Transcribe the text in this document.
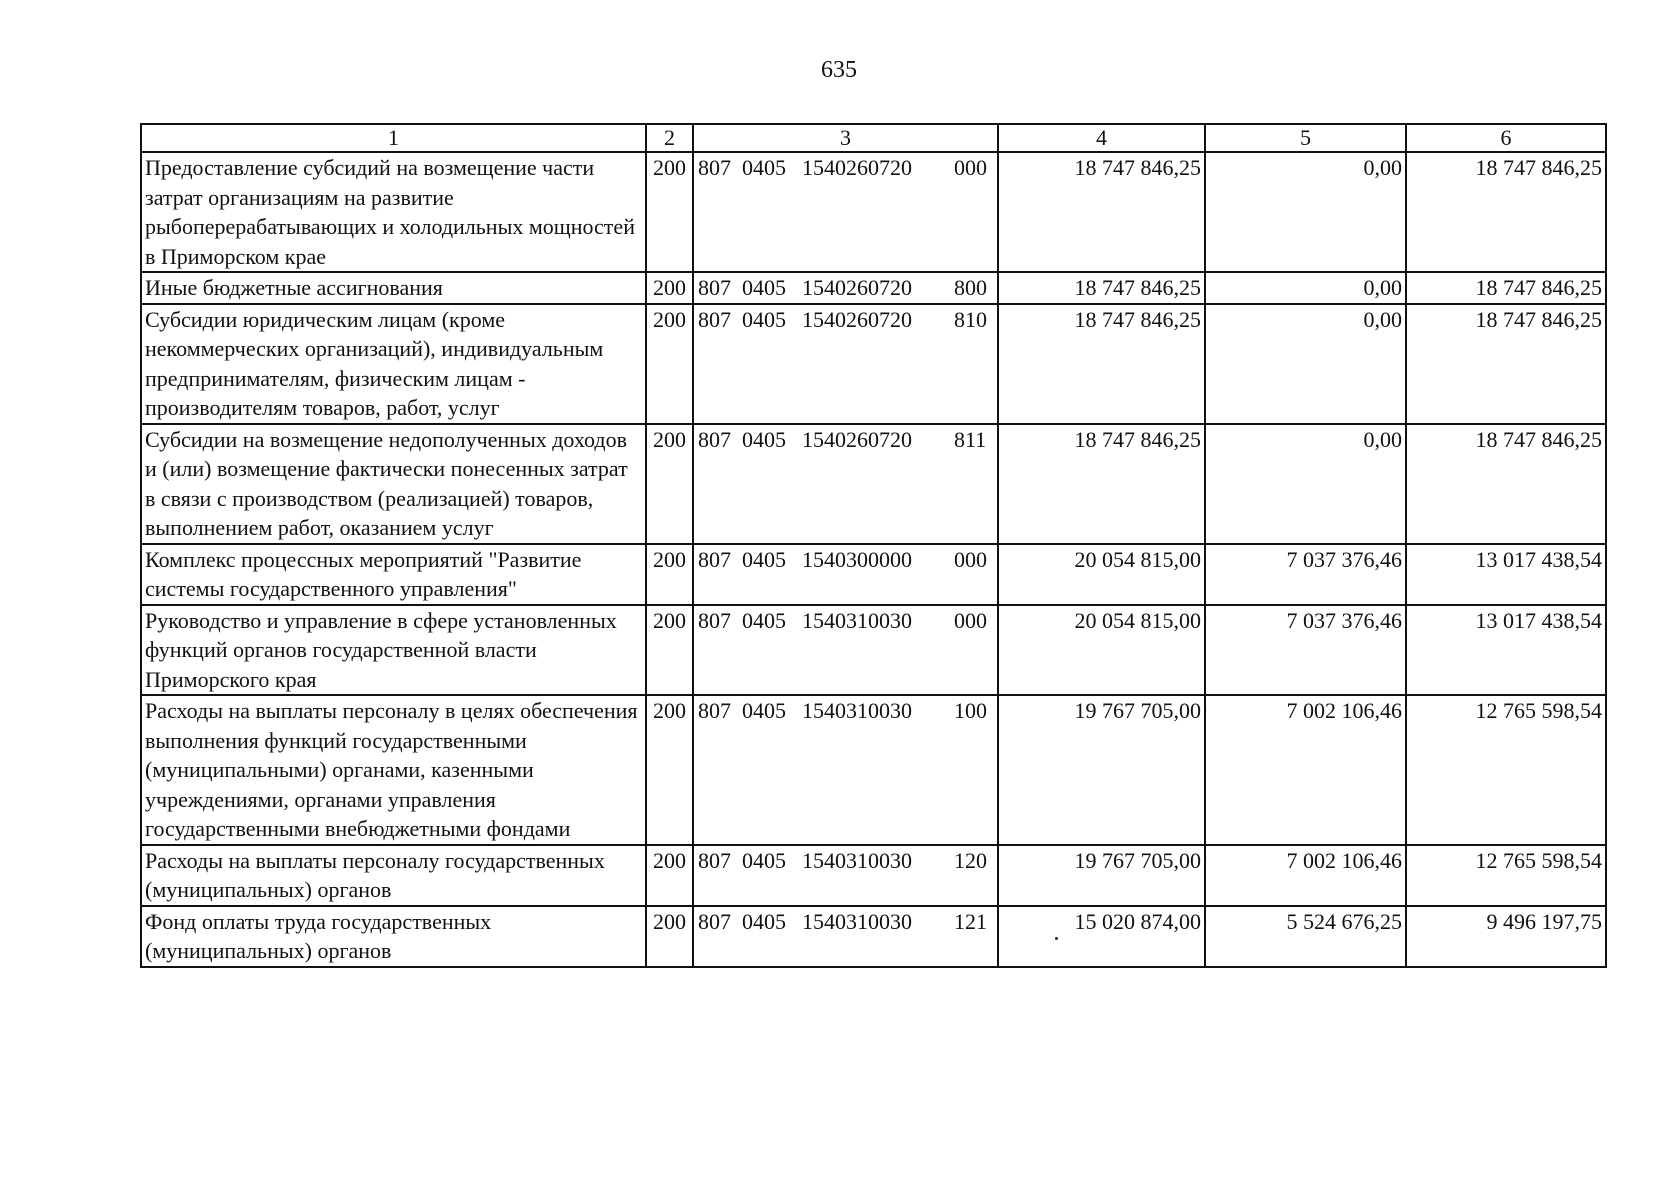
635
1	2	3	4	5	6
Предоставление субсидий на возмещение части затрат организациям на развитие рыбоперерабатывающих и холодильных мощностей в Приморском крае	200	807 0405 1540260720 000	18 747 846,25	0,00	18 747 846,25
Иные бюджетные ассигнования	200	807 0405 1540260720 800	18 747 846,25	0,00	18 747 846,25
Субсидии юридическим лицам (кроме некоммерческих организаций), индивидуальным предпринимателям, физическим лицам - производителям товаров, работ, услуг	200	807 0405 1540260720 810	18 747 846,25	0,00	18 747 846,25
Субсидии на возмещение недополученных доходов и (или) возмещение фактически понесенных затрат в связи с производством (реализацией) товаров, выполнением работ, оказанием услуг	200	807 0405 1540260720 811	18 747 846,25	0,00	18 747 846,25
Комплекс процессных мероприятий "Развитие системы государственного управления"	200	807 0405 1540300000 000	20 054 815,00	7 037 376,46	13 017 438,54
Руководство и управление в сфере установленных функций органов государственной власти Приморского края	200	807 0405 1540310030 000	20 054 815,00	7 037 376,46	13 017 438,54
Расходы на выплаты персоналу в целях обеспечения выполнения функций государственными (муниципальными) органами, казенными учреждениями, органами управления государственными внебюджетными фондами	200	807 0405 1540310030 100	19 767 705,00	7 002 106,46	12 765 598,54
Расходы на выплаты персоналу государственных (муниципальных) органов	200	807 0405 1540310030 120	19 767 705,00	7 002 106,46	12 765 598,54
Фонд оплаты труда государственных (муниципальных) органов	200	807 0405 1540310030 121	15 020 874,00	5 524 676,25	9 496 197,75
